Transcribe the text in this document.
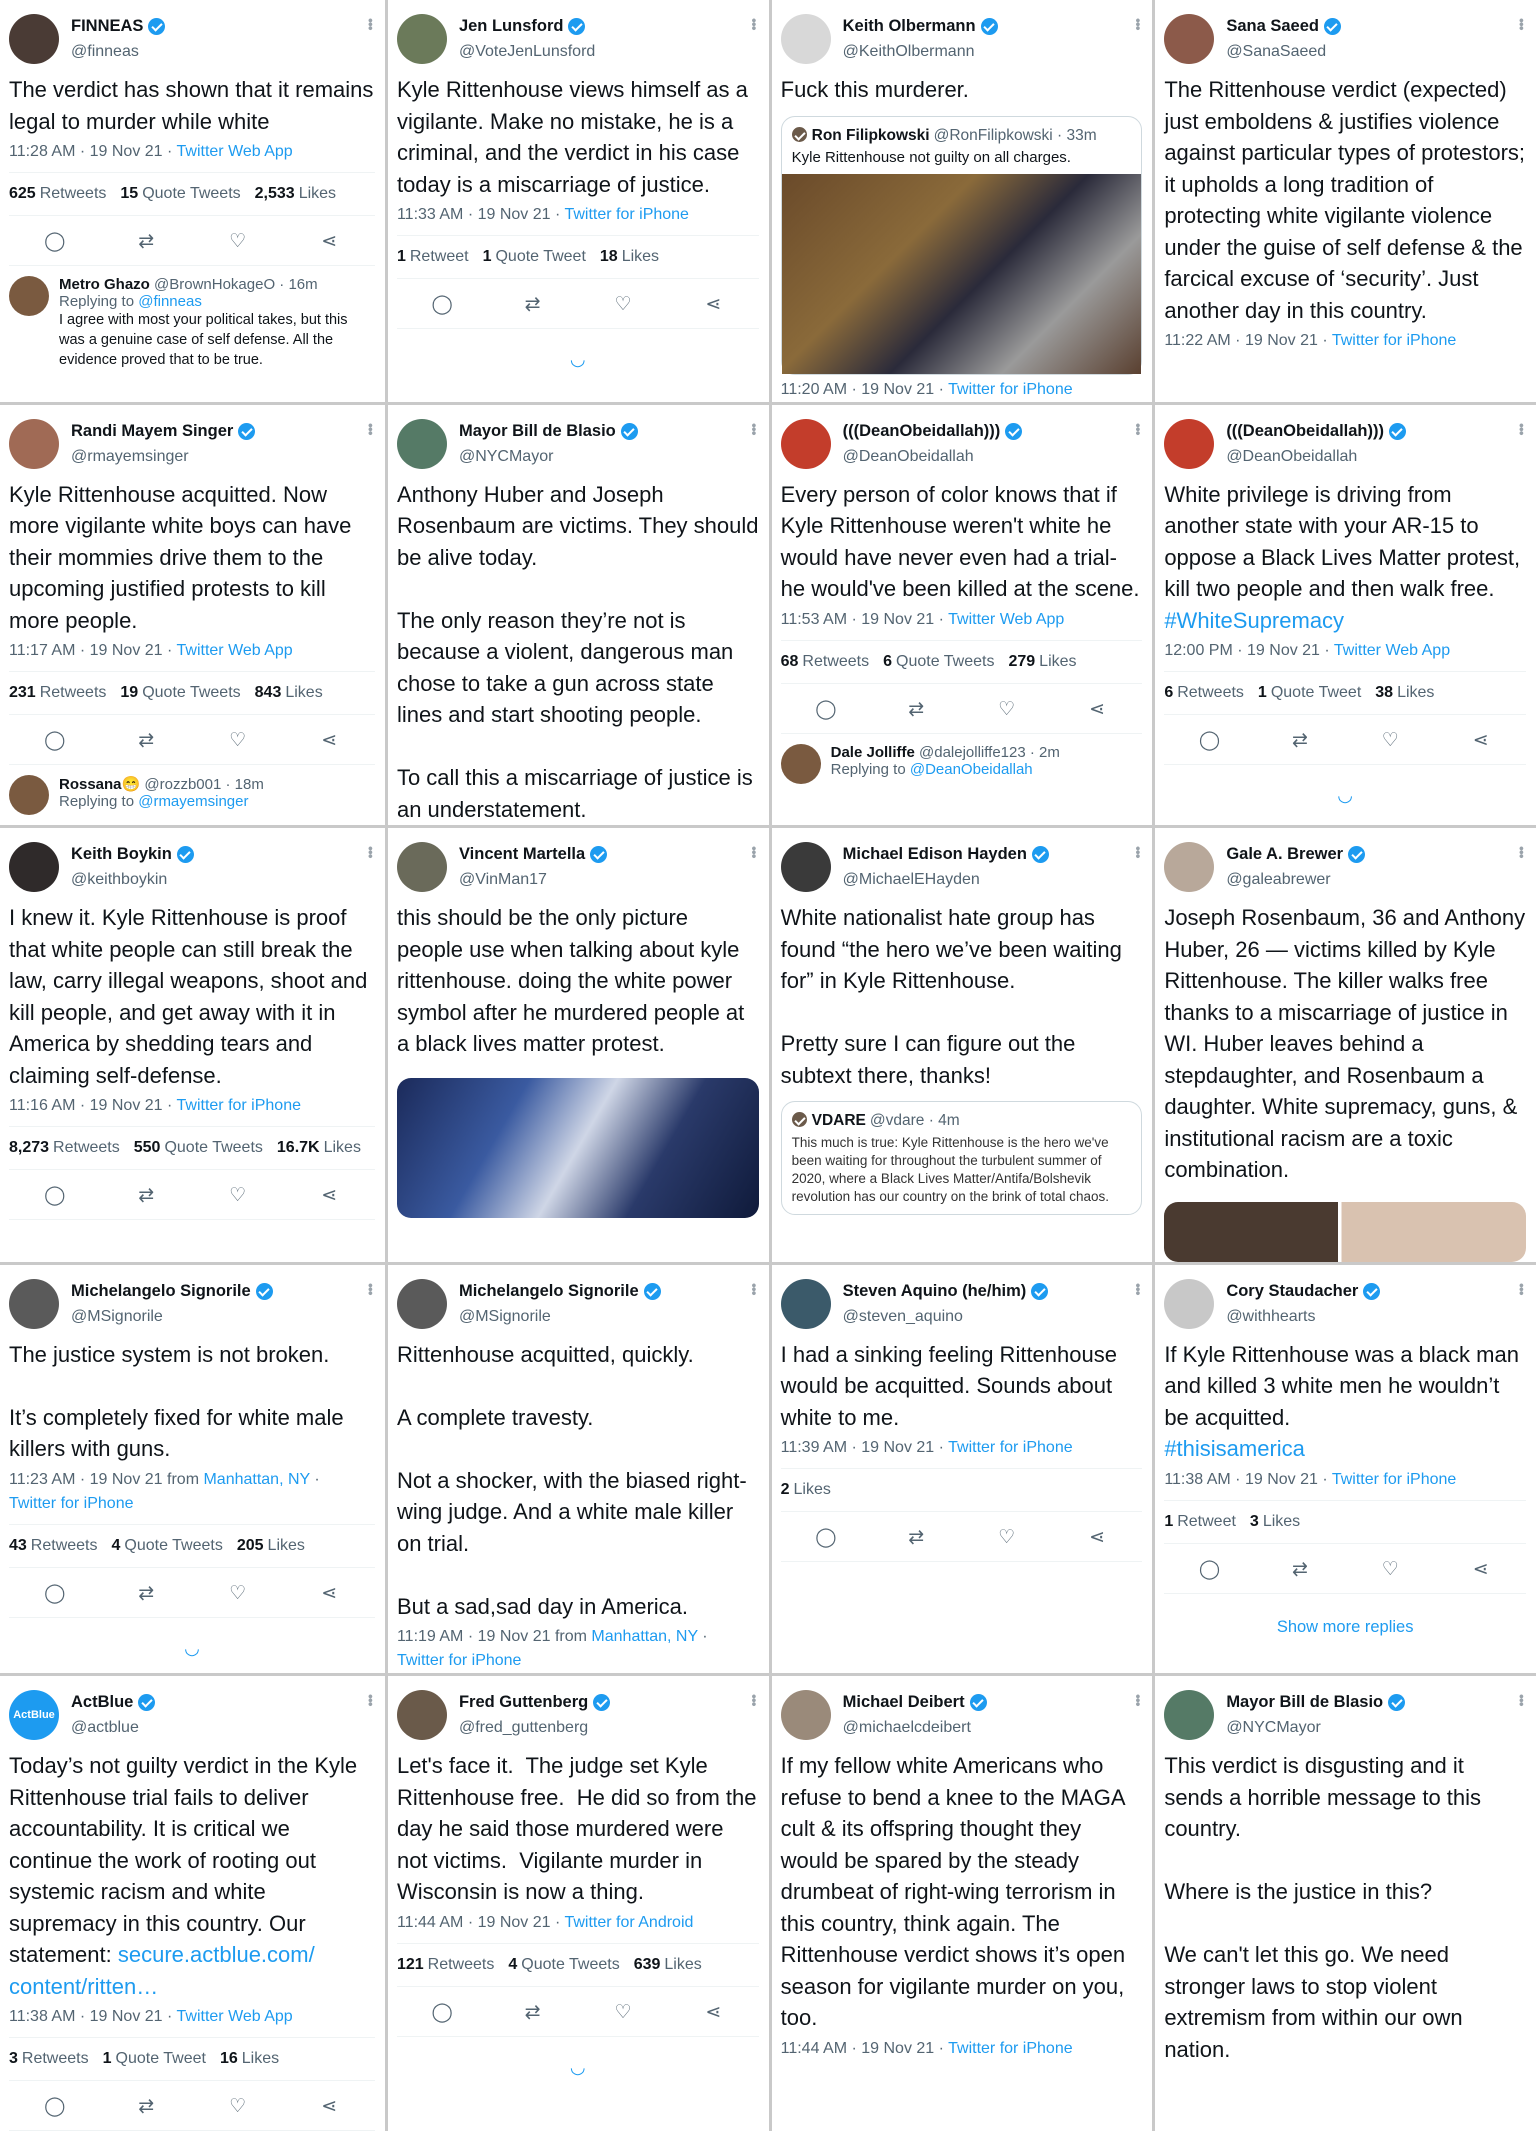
FINNEAS
@finneas
•••
The verdict has shown that it remains legal to murder while white
11:28 AM · 19 Nov 21 · Twitter Web App
625 Retweets 15 Quote Tweets 2,533 Likes
◯	⇄	♡	⋖
Metro Ghazo @BrownHokageO · 16m
Replying to @finneas
I agree with most your political takes, but this was a genuine case of self defense. All the evidence proved that to be true.
Jen Lunsford
@VoteJenLunsford
•••
Kyle Rittenhouse views himself as a vigilante. Make no mistake, he is a criminal, and the verdict in his case today is a miscarriage of justice.
11:33 AM · 19 Nov 21 · Twitter for iPhone
1 Retweet 1 Quote Tweet 18 Likes
◯	⇄	♡	⋖
◡
Keith Olbermann
@KeithOlbermann
•••
Fuck this murderer.
Ron Filipkowski @RonFilipkowski · 33m
Kyle Rittenhouse not guilty on all charges.
11:20 AM · 19 Nov 21 · Twitter for iPhone
Sana Saeed
@SanaSaeed
•••
The Rittenhouse verdict (expected) just emboldens & justifies violence against particular types of protestors; it upholds a long tradition of protecting white vigilante violence under the guise of self defense & the farcical excuse of ‘security’. Just another day in this country.
11:22 AM · 19 Nov 21 · Twitter for iPhone
Randi Mayem Singer
@rmayemsinger
•••
Kyle Rittenhouse acquitted. Now more vigilante white boys can have their mommies drive them to the upcoming justified protests to kill more people.
11:17 AM · 19 Nov 21 · Twitter Web App
231 Retweets 19 Quote Tweets 843 Likes
◯	⇄	♡	⋖
Rossana😁 @rozzb001 · 18m
Replying to @rmayemsinger
Mayor Bill de Blasio
@NYCMayor
•••
Anthony Huber and Joseph Rosenbaum are victims. They should be alive today.

The only reason they’re not is because a violent, dangerous man chose to take a gun across state lines and start shooting people.

To call this a miscarriage of justice is an understatement.
(((DeanObeidallah)))
@DeanObeidallah
•••
Every person of color knows that if Kyle Rittenhouse weren't white he would have never even had a trial- he would've been killed at the scene.
11:53 AM · 19 Nov 21 · Twitter Web App
68 Retweets 6 Quote Tweets 279 Likes
◯	⇄	♡	⋖
Dale Jolliffe @dalejolliffe123 · 2m
Replying to @DeanObeidallah
(((DeanObeidallah)))
@DeanObeidallah
•••
White privilege is driving from another state with your AR-15 to oppose a Black Lives Matter protest, kill two people and then walk free. #WhiteSupremacy
12:00 PM · 19 Nov 21 · Twitter Web App
6 Retweets 1 Quote Tweet 38 Likes
◯	⇄	♡	⋖
◡
Keith Boykin
@keithboykin
•••
I knew it. Kyle Rittenhouse is proof that white people can still break the law, carry illegal weapons, shoot and kill people, and get away with it in America by shedding tears and claiming self-defense.
11:16 AM · 19 Nov 21 · Twitter for iPhone
8,273 Retweets 550 Quote Tweets 16.7K Likes
◯	⇄	♡	⋖
Vincent Martella
@VinMan17
•••
this should be the only picture people use when talking about kyle rittenhouse. doing the white power symbol after he murdered people at a black lives matter protest.
Michael Edison Hayden
@MichaelEHayden
•••
White nationalist hate group has found “the hero we’ve been waiting for” in Kyle Rittenhouse.

Pretty sure I can figure out the subtext there, thanks!
VDARE @vdare · 4m
This much is true: Kyle Rittenhouse is the hero we've been waiting for throughout the turbulent summer of 2020, where a Black Lives Matter/Antifa/Bolshevik revolution has our country on the brink of total chaos.
Gale A. Brewer
@galeabrewer
•••
Joseph Rosenbaum, 36 and Anthony Huber, 26 — victims killed by Kyle Rittenhouse. The killer walks free thanks to a miscarriage of justice in WI. Huber leaves behind a stepdaughter, and Rosenbaum a daughter. White supremacy, guns, & institutional racism are a toxic combination.
Michelangelo Signorile
@MSignorile
•••
The justice system is not broken.

It’s completely fixed for white male killers with guns.
11:23 AM · 19 Nov 21 from Manhattan, NY ·
Twitter for iPhone
43 Retweets 4 Quote Tweets 205 Likes
◯	⇄	♡	⋖
◡
Michelangelo Signorile
@MSignorile
•••
Rittenhouse acquitted, quickly.

A complete travesty.

Not a shocker, with the biased right-wing judge. And a white male killer on trial.

But a sad,sad day in America.
11:19 AM · 19 Nov 21 from Manhattan, NY ·
Twitter for iPhone
Steven Aquino (he/him)
@steven_aquino
•••
I had a sinking feeling Rittenhouse would be acquitted. Sounds about white to me.
11:39 AM · 19 Nov 21 · Twitter for iPhone
2 Likes
◯	⇄	♡	⋖
Cory Staudacher
@withhearts
•••
If Kyle Rittenhouse was a black man and killed 3 white men he wouldn’t be acquitted.
#thisisamerica
11:38 AM · 19 Nov 21 · Twitter for iPhone
1 Retweet 3 Likes
◯	⇄	♡	⋖
Show more replies
ActBlue
ActBlue
@actblue
•••
Today’s not guilty verdict in the Kyle Rittenhouse trial fails to deliver accountability. It is critical we continue the work of rooting out systemic racism and white supremacy in this country. Our statement: secure.actblue.com/
content/ritten…
11:38 AM · 19 Nov 21 · Twitter Web App
3 Retweets 1 Quote Tweet 16 Likes
◯	⇄	♡	⋖
Fred Guttenberg
@fred_guttenberg
•••
Let's face it.  The judge set Kyle Rittenhouse free.  He did so from the day he said those murdered were not victims.  Vigilante murder in Wisconsin is now a thing.
11:44 AM · 19 Nov 21 · Twitter for Android
121 Retweets 4 Quote Tweets 639 Likes
◯	⇄	♡	⋖
◡
Michael Deibert
@michaelcdeibert
•••
If my fellow white Americans who refuse to bend a knee to the MAGA cult & its offspring thought they would be spared by the steady drumbeat of right-wing terrorism in this country, think again. The Rittenhouse verdict shows it’s open season for vigilante murder on you, too.
11:44 AM · 19 Nov 21 · Twitter for iPhone
Mayor Bill de Blasio
@NYCMayor
•••
This verdict is disgusting and it sends a horrible message to this country.

Where is the justice in this?

We can't let this go. We need stronger laws to stop violent extremism from within our own nation.
